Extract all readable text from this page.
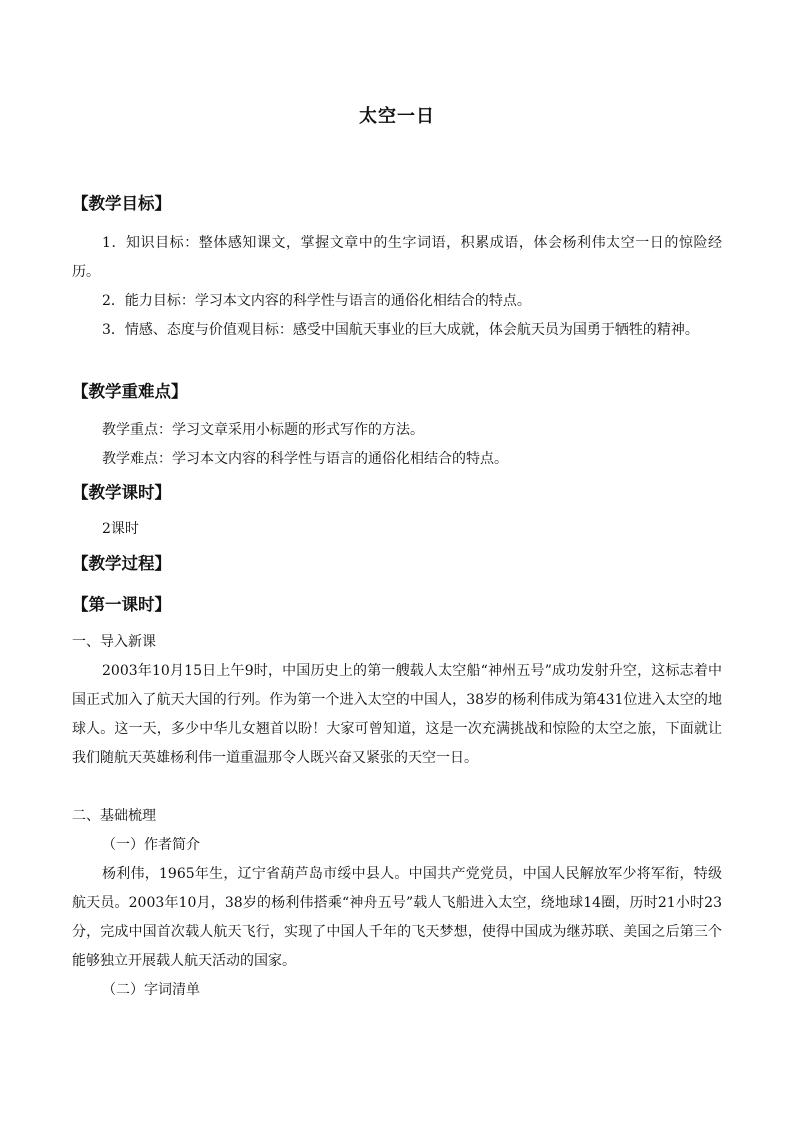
太空一日
【教学目标】
1．知识目标：整体感知课文，掌握文章中的生字词语，积累成语，体会杨利伟太空一日的惊险经历。
2．能力目标：学习本文内容的科学性与语言的通俗化相结合的特点。
3．情感、态度与价值观目标：感受中国航天事业的巨大成就，体会航天员为国勇于牺牲的精神。
【教学重难点】
教学重点：学习文章采用小标题的形式写作的方法。
教学难点：学习本文内容的科学性与语言的通俗化相结合的特点。
【教学课时】
2课时
【教学过程】
【第一课时】
一、导入新课
2003年10月15日上午9时，中国历史上的第一艘载人太空船“神州五号”成功发射升空，这标志着中国正式加入了航天大国的行列。作为第一个进入太空的中国人，38岁的杨利伟成为第431位进入太空的地球人。这一天，多少中华儿女翘首以盼！大家可曾知道，这是一次充满挑战和惊险的太空之旅，下面就让我们随航天英雄杨利伟一道重温那令人既兴奋又紧张的天空一日。
二、基础梳理
（一）作者简介
杨利伟，1965年生，辽宁省葫芦岛市绥中县人。中国共产党党员，中国人民解放军少将军衔，特级航天员。2003年10月，38岁的杨利伟搭乘“神舟五号”载人飞船进入太空，绕地球14圈，历时21小时23分，完成中国首次载人航天飞行，实现了中国人千年的飞天梦想，使得中国成为继苏联、美国之后第三个能够独立开展载人航天活动的国家。
（二）字词清单
